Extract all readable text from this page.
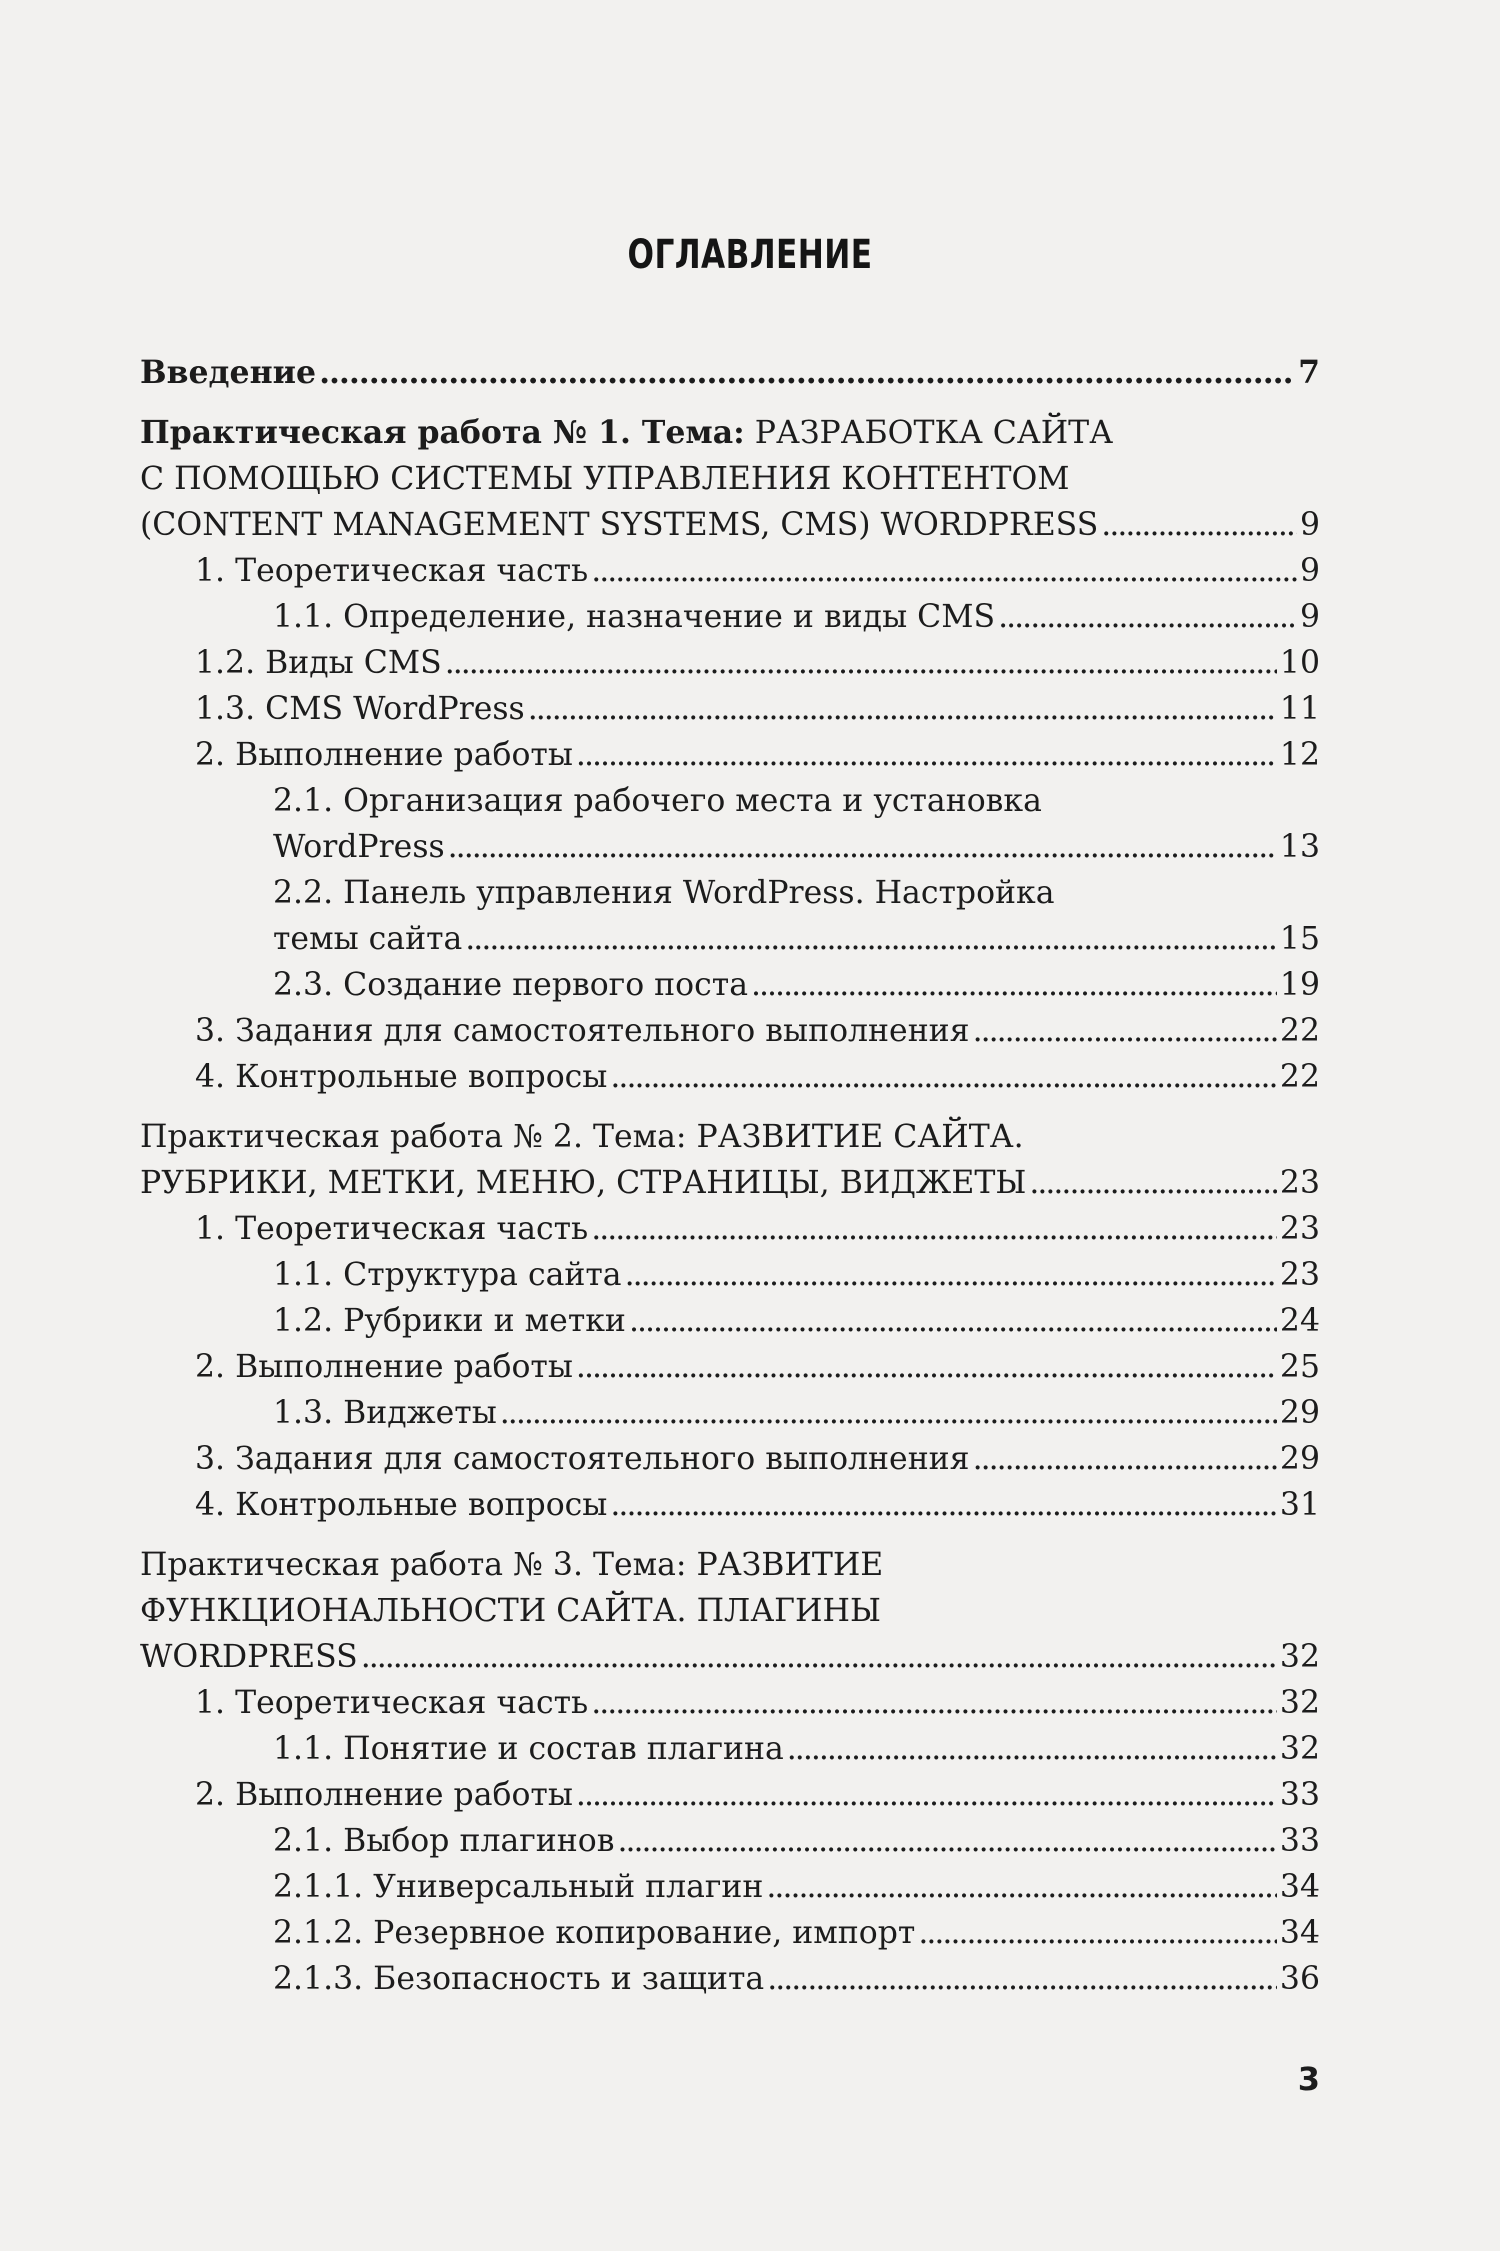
ОГЛАВЛЕНИЕ
Введение . . .	7
Практическая работа № 1. Тема: РАЗРАБОТКА САЙТА
С ПОМОЩЬЮ СИСТЕМЫ УПРАВЛЕНИЯ КОНТЕНТОМ
(CONTENT MANAGEMENT SYSTEMS, CMS) WORDPRESS . . .	9
1. Теоретическая часть . . .	9
1.1. Определение, назначение и виды CMS . . .	9
1.2. Виды CMS . . .	10
1.3. CMS WordPress . . .	11
2. Выполнение работы . . .	12
2.1. Организация рабочего места и установка
WordPress . . .	13
2.2. Панель управления WordPress. Настройка
темы сайта . . .	15
2.3. Создание первого поста . . .	19
3. Задания для самостоятельного выполнения . . .	22
4. Контрольные вопросы . . .	22
Практическая работа № 2. Тема: РАЗВИТИЕ САЙТА.
РУБРИКИ, МЕТКИ, МЕНЮ, СТРАНИЦЫ, ВИДЖЕТЫ . . .	23
1. Теоретическая часть . . .	23
1.1. Структура сайта . . .	23
1.2. Рубрики и метки . . .	24
2. Выполнение работы . . .	25
1.3. Виджеты . . .	29
3. Задания для самостоятельного выполнения . . .	29
4. Контрольные вопросы . . .	31
Практическая работа № 3. Тема: РАЗВИТИЕ
ФУНКЦИОНАЛЬНОСТИ САЙТА. ПЛАГИНЫ
WORDPRESS . . .	32
1. Теоретическая часть . . .	32
1.1. Понятие и состав плагина . . .	32
2. Выполнение работы . . .	33
2.1. Выбор плагинов . . .	33
2.1.1. Универсальный плагин . . .	34
2.1.2. Резервное копирование, импорт . . .	34
2.1.3. Безопасность и защита . . .	36
3
